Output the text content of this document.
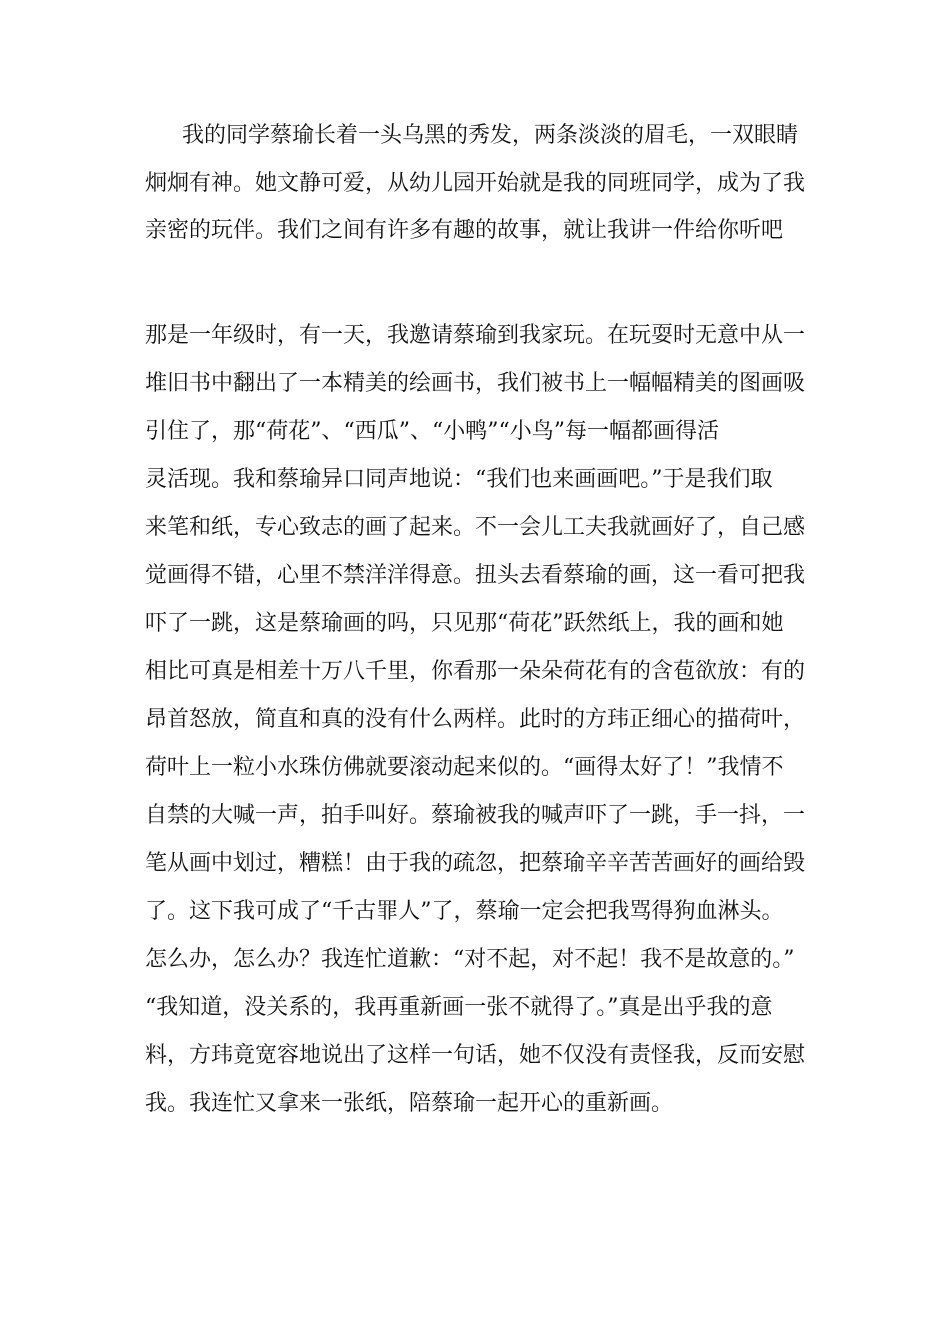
我的同学蔡瑜长着一头乌黑的秀发，两条淡淡的眉毛，一双眼睛
炯炯有神。她文静可爱，从幼儿园开始就是我的同班同学，成为了我
亲密的玩伴。我们之间有许多有趣的故事，就让我讲一件给你听吧
那是一年级时，有一天，我邀请蔡瑜到我家玩。在玩耍时无意中从一
堆旧书中翻出了一本精美的绘画书，我们被书上一幅幅精美的图画吸
引住了，那“荷花”、“西瓜”、“小鸭”“小鸟”每一幅都画得活
灵活现。我和蔡瑜异口同声地说：“我们也来画画吧。”于是我们取
来笔和纸，专心致志的画了起来。不一会儿工夫我就画好了，自己感
觉画得不错，心里不禁洋洋得意。扭头去看蔡瑜的画，这一看可把我
吓了一跳，这是蔡瑜画的吗，只见那“荷花”跃然纸上，我的画和她
相比可真是相差十万八千里，你看那一朵朵荷花有的含苞欲放：有的
昂首怒放，简直和真的没有什么两样。此时的方玮正细心的描荷叶，
荷叶上一粒小水珠仿佛就要滚动起来似的。“画得太好了！”我情不
自禁的大喊一声，拍手叫好。蔡瑜被我的喊声吓了一跳，手一抖，一
笔从画中划过，糟糕！由于我的疏忽，把蔡瑜辛辛苦苦画好的画给毁
了。这下我可成了“千古罪人”了，蔡瑜一定会把我骂得狗血淋头。
怎么办，怎么办？我连忙道歉：“对不起，对不起！我不是故意的。”
“我知道，没关系的，我再重新画一张不就得了。”真是出乎我的意
料，方玮竟宽容地说出了这样一句话，她不仅没有责怪我，反而安慰
我。我连忙又拿来一张纸，陪蔡瑜一起开心的重新画。
